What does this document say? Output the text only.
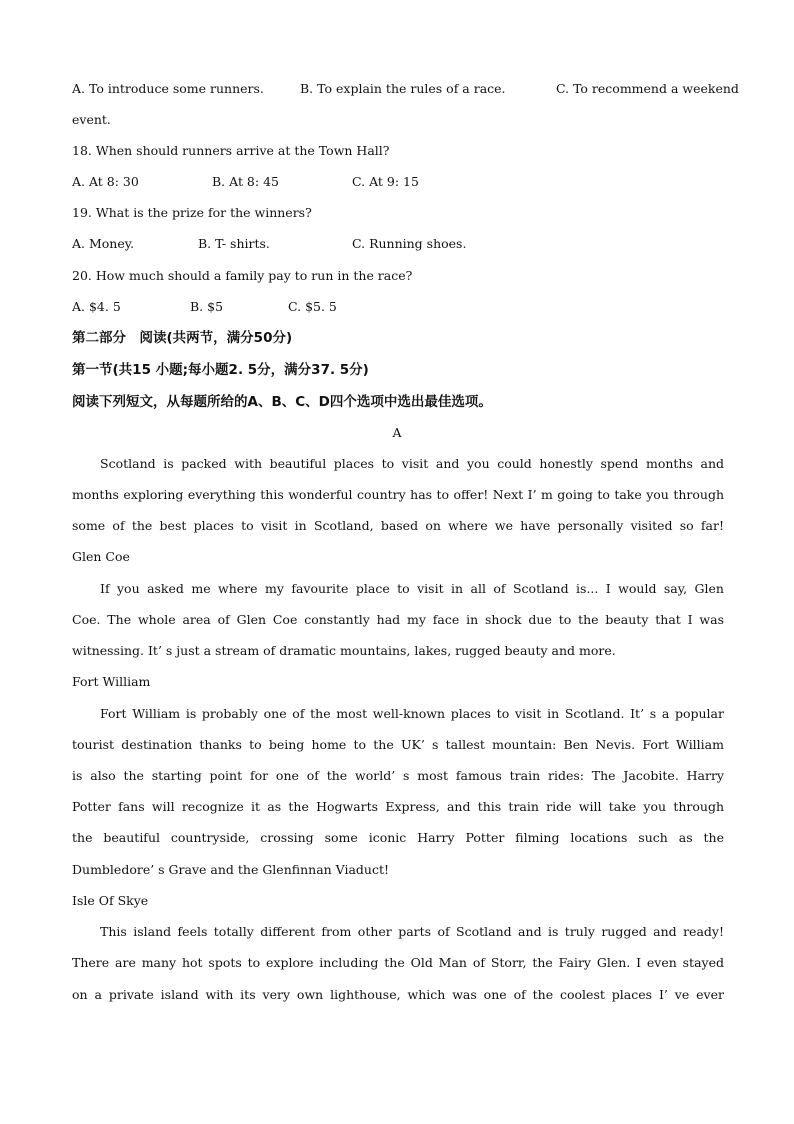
A. To introduce some runners.	B. To explain the rules of a race.	C. To recommend a weekend
event.
18. When should runners arrive at the Town Hall?
A. At 8: 30	B. At 8: 45	C. At 9: 15
19. What is the prize for the winners?
A. Money.	B. T- shirts.	C. Running shoes.
20. How much should a family pay to run in the race?
A. $4. 5	B. $5	C. $5. 5
第二部分　阅读(共两节，满分50分)
第一节(共15 小题;每小题2. 5分，满分37. 5分)
阅读下列短文，从每题所给的A、B、C、D四个选项中选出最佳选项。
A
Scotland is packed with beautiful places to visit and you could honestly spend months and
months exploring everything this wonderful country has to offer! Next I’ m going to take you through
some of the best places to visit in Scotland, based on where we have personally visited so far!
Glen Coe
If you asked me where my favourite place to visit in all of Scotland is... I would say, Glen
Coe. The whole area of Glen Coe constantly had my face in shock due to the beauty that I was
witnessing. It’ s just a stream of dramatic mountains, lakes, rugged beauty and more.
Fort William
Fort William is probably one of the most well-known places to visit in Scotland. It’ s a popular
tourist destination thanks to being home to the UK’ s tallest mountain: Ben Nevis. Fort William
is also the starting point for one of the world’ s most famous train rides: The Jacobite. Harry
Potter fans will recognize it as the Hogwarts Express, and this train ride will take you through
the beautiful countryside, crossing some iconic Harry Potter filming locations such as the
Dumbledore’ s Grave and the Glenfinnan Viaduct!
Isle Of Skye
This island feels totally different from other parts of Scotland and is truly rugged and ready!
There are many hot spots to explore including the Old Man of Storr, the Fairy Glen. I even stayed
on a private island with its very own lighthouse, which was one of the coolest places I’ ve ever
